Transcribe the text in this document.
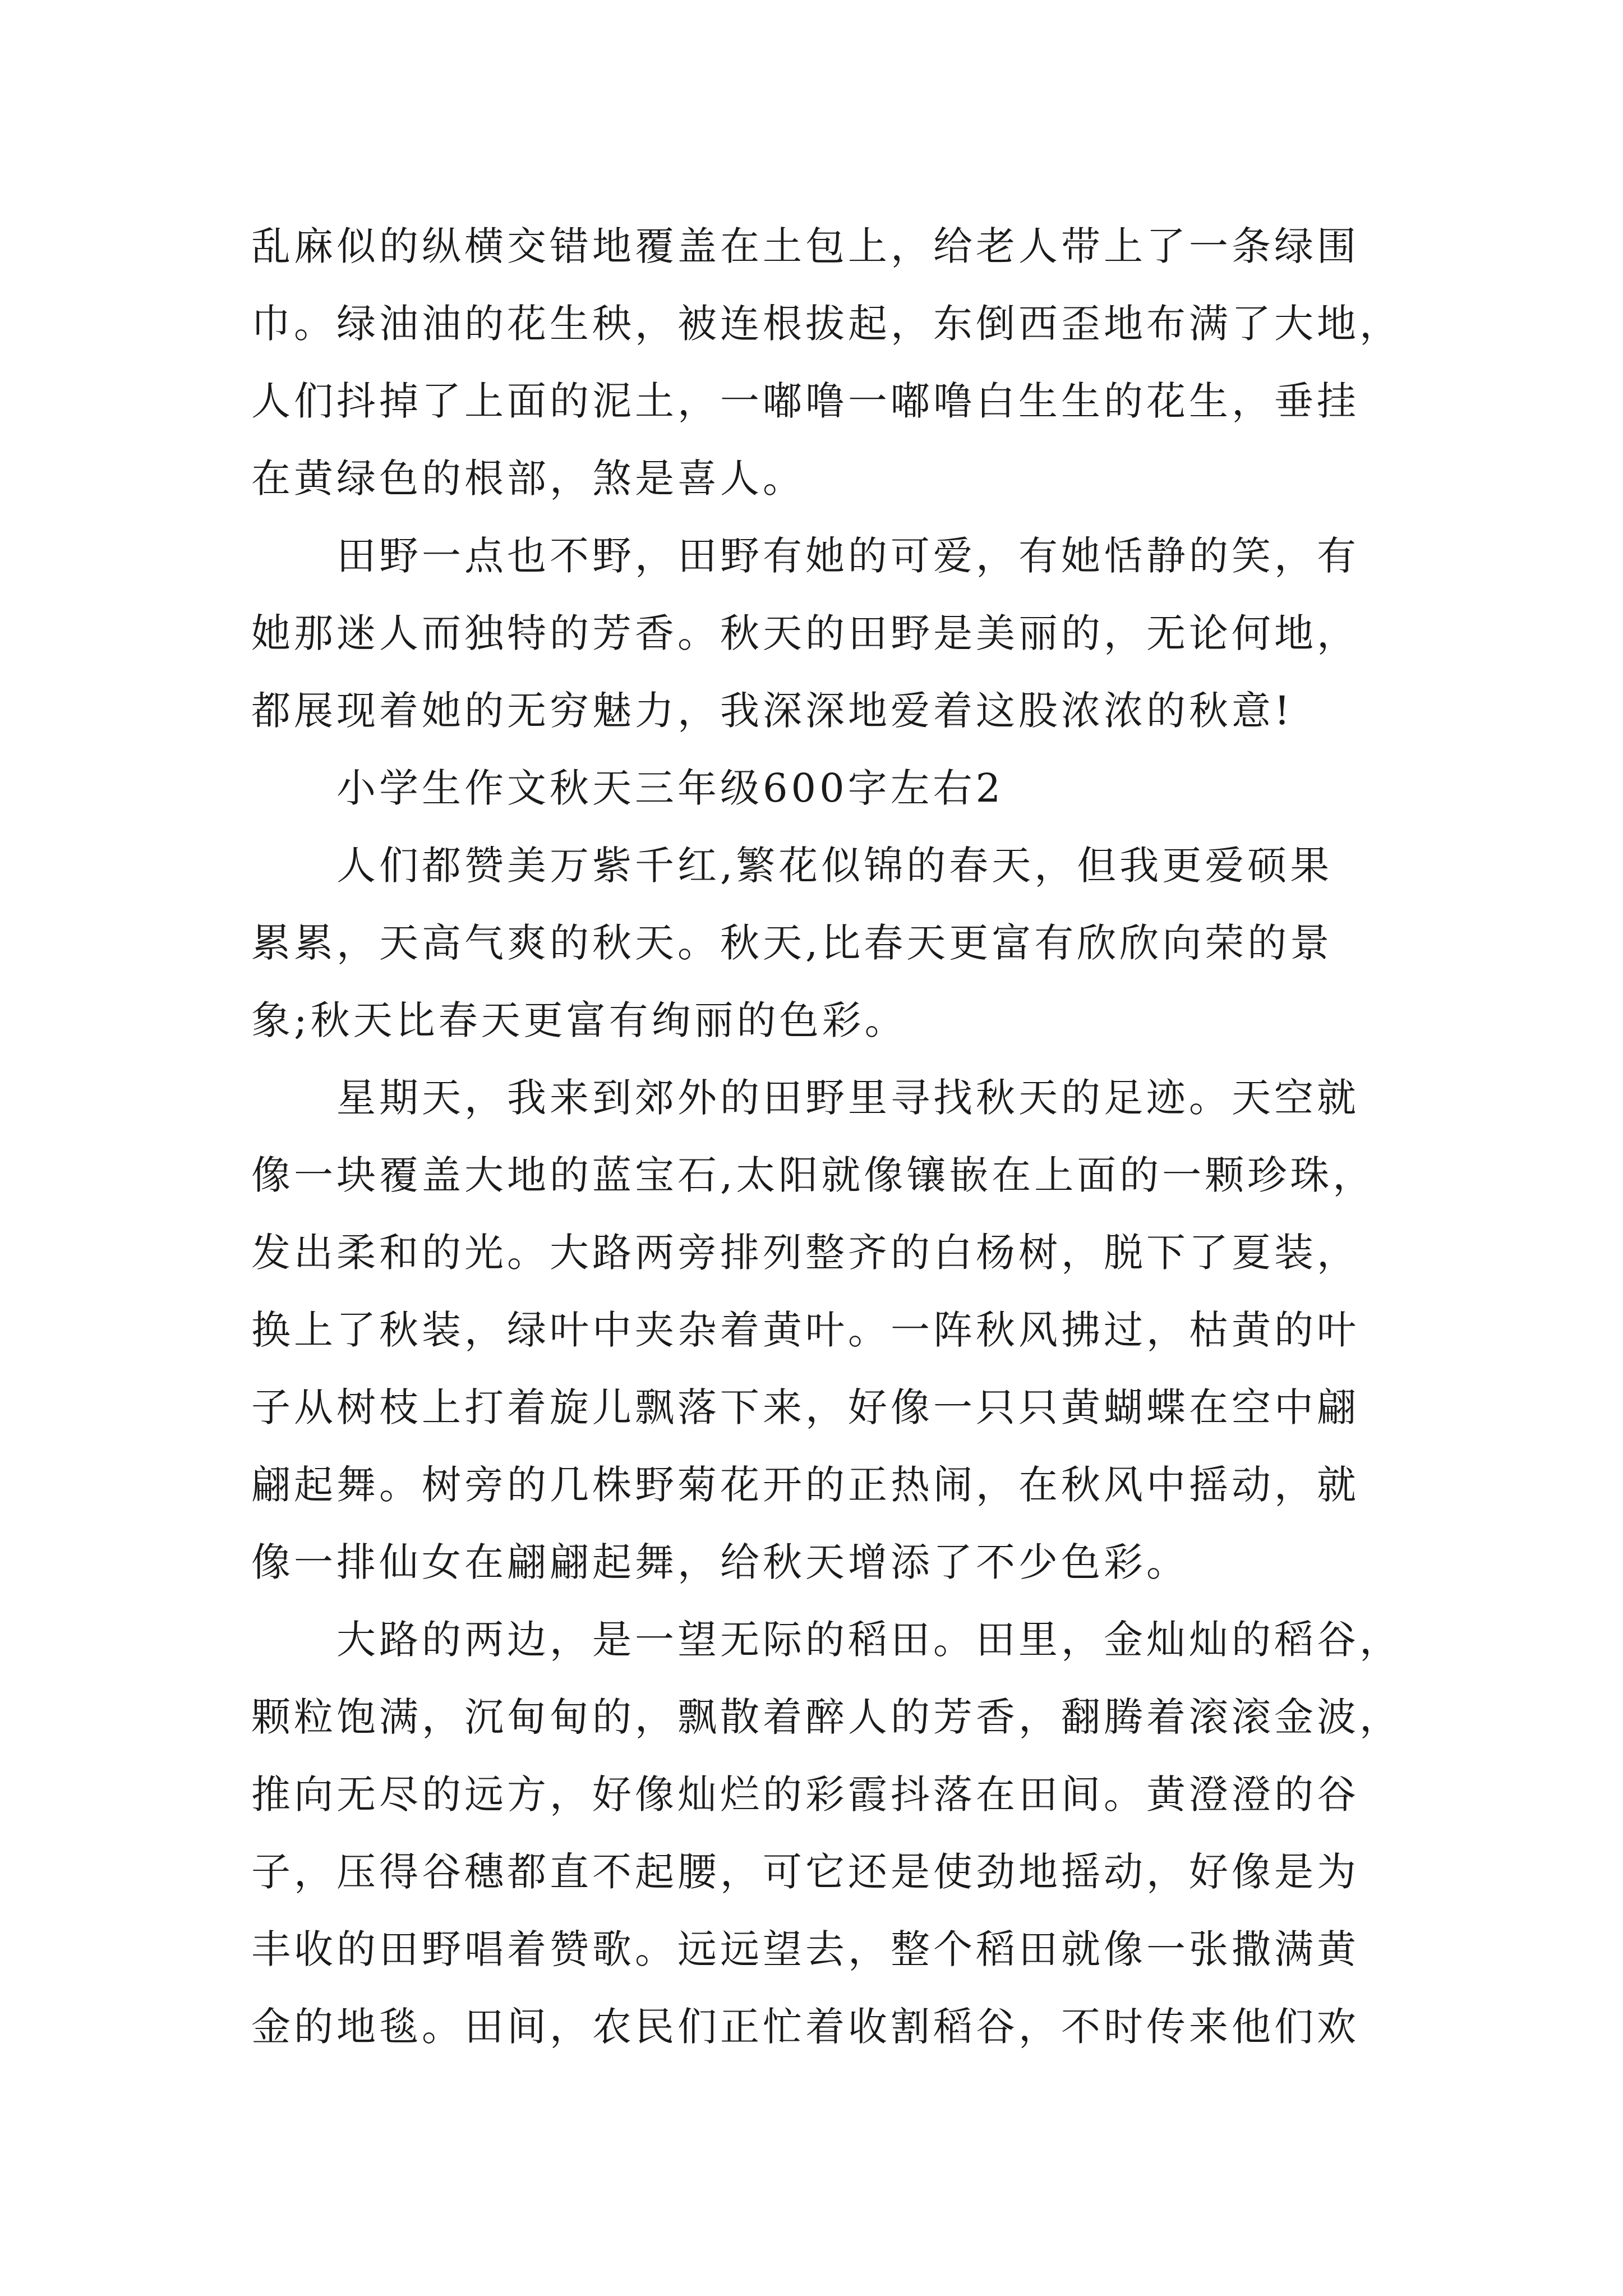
乱麻似的纵横交错地覆盖在土包上，给老人带上了一条绿围
巾。绿油油的花生秧，被连根拔起，东倒西歪地布满了大地，
人们抖掉了上面的泥土，一嘟噜一嘟噜白生生的花生，垂挂
在黄绿色的根部，煞是喜人。
田野一点也不野，田野有她的可爱，有她恬静的笑，有
她那迷人而独特的芳香。秋天的田野是美丽的，无论何地，
都展现着她的无穷魅力，我深深地爱着这股浓浓的秋意!
小学生作文秋天三年级600字左右2
人们都赞美万紫千红,繁花似锦的春天，但我更爱硕果
累累，天高气爽的秋天。秋天,比春天更富有欣欣向荣的景
象;秋天比春天更富有绚丽的色彩。
星期天，我来到郊外的田野里寻找秋天的足迹。天空就
像一块覆盖大地的蓝宝石,太阳就像镶嵌在上面的一颗珍珠，
发出柔和的光。大路两旁排列整齐的白杨树，脱下了夏装，
换上了秋装，绿叶中夹杂着黄叶。一阵秋风拂过，枯黄的叶
子从树枝上打着旋儿飘落下来，好像一只只黄蝴蝶在空中翩
翩起舞。树旁的几株野菊花开的正热闹，在秋风中摇动，就
像一排仙女在翩翩起舞，给秋天增添了不少色彩。
大路的两边，是一望无际的稻田。田里，金灿灿的稻谷，
颗粒饱满，沉甸甸的，飘散着醉人的芳香，翻腾着滚滚金波，
推向无尽的远方，好像灿烂的彩霞抖落在田间。黄澄澄的谷
子，压得谷穗都直不起腰，可它还是使劲地摇动，好像是为
丰收的田野唱着赞歌。远远望去，整个稻田就像一张撒满黄
金的地毯。田间，农民们正忙着收割稻谷，不时传来他们欢
